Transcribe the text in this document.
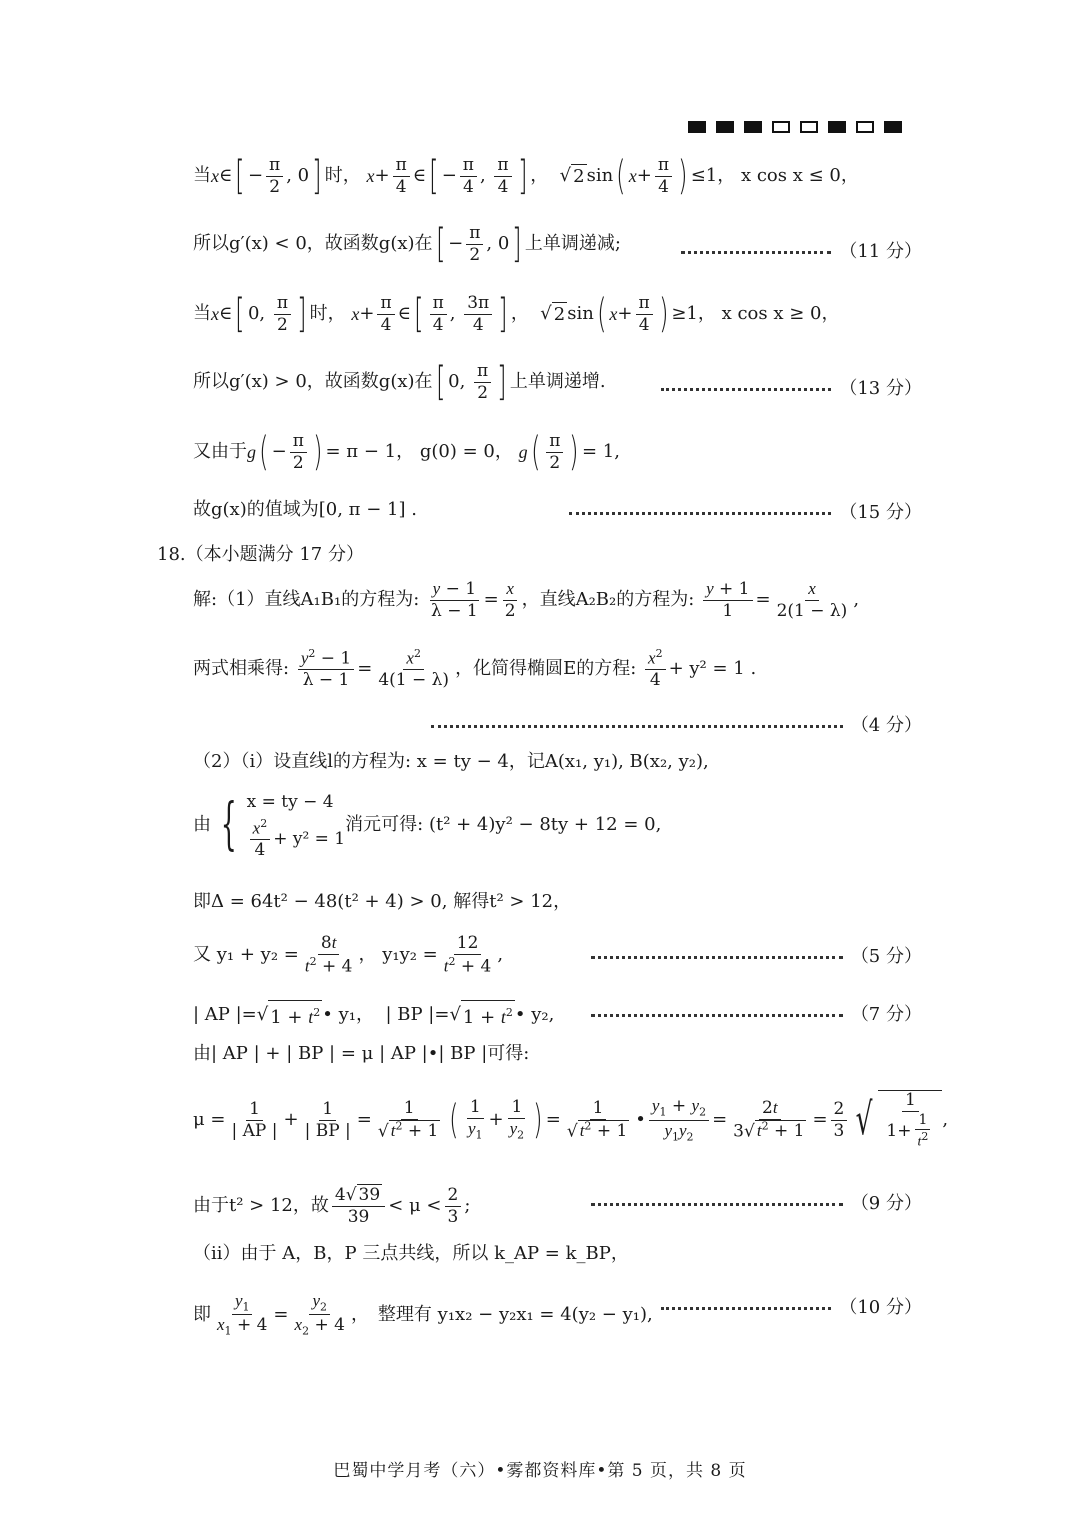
当 x ∈ [ − $\frac{\pi}{2}$ , 0 ] 时，
$x + \frac{\pi}{4}$ ∈ [ − $\frac{\pi}{4}$ , $\frac{\pi}{4}$ ] ，  √ 2 sin ( $x + \frac{\pi}{4}$ ) ≤1，
x cos x ≤ 0，
所以 g′(x) < 0 ，故函数 g(x) 在 [ − $\frac{\pi}{2}$ , 0 ] 上单调递减;	（11 分）
当 x ∈ [ 0, $\frac{\pi}{2}$ ] 时，
$x + \frac{\pi}{4}$ ∈ [ $\frac{\pi}{4}$ , $\frac{3\pi}{4}$ ] ，  √ 2 sin ( $x + \frac{\pi}{4}$ ) ≥1，
x cos x ≥ 0，
所以 g′(x) > 0 ，故函数 g(x) 在 [ 0, $\frac{\pi}{2}$ ] 上单调递增.	（13 分）
又由于 g ( − $\frac{\pi}{2}$ ) = π − 1，
g(0) = 0，
g ( $\frac{\pi}{2}$ ) = 1,
故 g(x) 的值域为 [0, π − 1] .	（15 分）
18.（本小题满分 17 分）
解:（1）直线 A₁B₁ 的方程为:
$\frac{y - 1}{\lambda - 1} = \frac{x}{2}$ ，直线 A₂B₂ 的方程为:
$\frac{y + 1}{1} = \frac{x}{2(1 - \lambda)}$ ,
两式相乘得:
$\frac{y^2 - 1}{\lambda - 1} = \frac{x^2}{4(1 - \lambda)}$ ，化简得椭圆 E 的方程:
$\frac{x^2}{4} + y^2 = 1$ .
（4 分）
（2）（i）设直线 l 的方程为:
x = ty − 4 ，记 A(x₁, y₁), B(x₂, y₂),
由 { x = ty − 4
$\frac{x^2}{4} + y^2 = 1$
消元可得:
(t² + 4)y² − 8ty + 12 = 0,
即 Δ = 64t² − 48(t² + 4) > 0,
解得 t² > 12，
又
$y_1 + y_2 = \frac{8t}{t^2 + 4}$ ，
$y_1y_2 = \frac{12}{t^2 + 4}$ ,	（5 分）
| AP |= √ $1 + t^2$ • y₁，
| BP |= √ $1 + t^2$ • y₂,	（7 分）
由 | AP | + | BP | = μ | AP |•| BP | 可得:
$\mu = \frac{1}{| AP |} + \frac{1}{| BP |} = \frac{1}{√ t^2 + 1}$ ( $\frac{1}{y_1} + \frac{1}{y_2}$ ) = $\frac{1}{√ t^2 + 1}$ • $\frac{y_1 + y_2}{y_1y_2} = \frac{2t}{3√ t^2 + 1} = \frac{2}{3}$ √ $\frac{1}{1+ \frac{1}{t^2}}$ ,
由于 t² > 12 ，故 $\frac{4√ 39}{39} < \mu < \frac{2}{3}$ ;	（9 分）
（ii）由于
A，B，P
三点共线，所以
k_AP = k_BP ，
即 $\frac{y_1}{x_1 + 4} = \frac{y_2}{x_2 + 4}$ ，　整理有
y₁x₂ − y₂x₁ = 4(y₂ − y₁),	（10 分）
巴蜀中学月考（六）•雾都资料库•第 5 页，共 8 页
